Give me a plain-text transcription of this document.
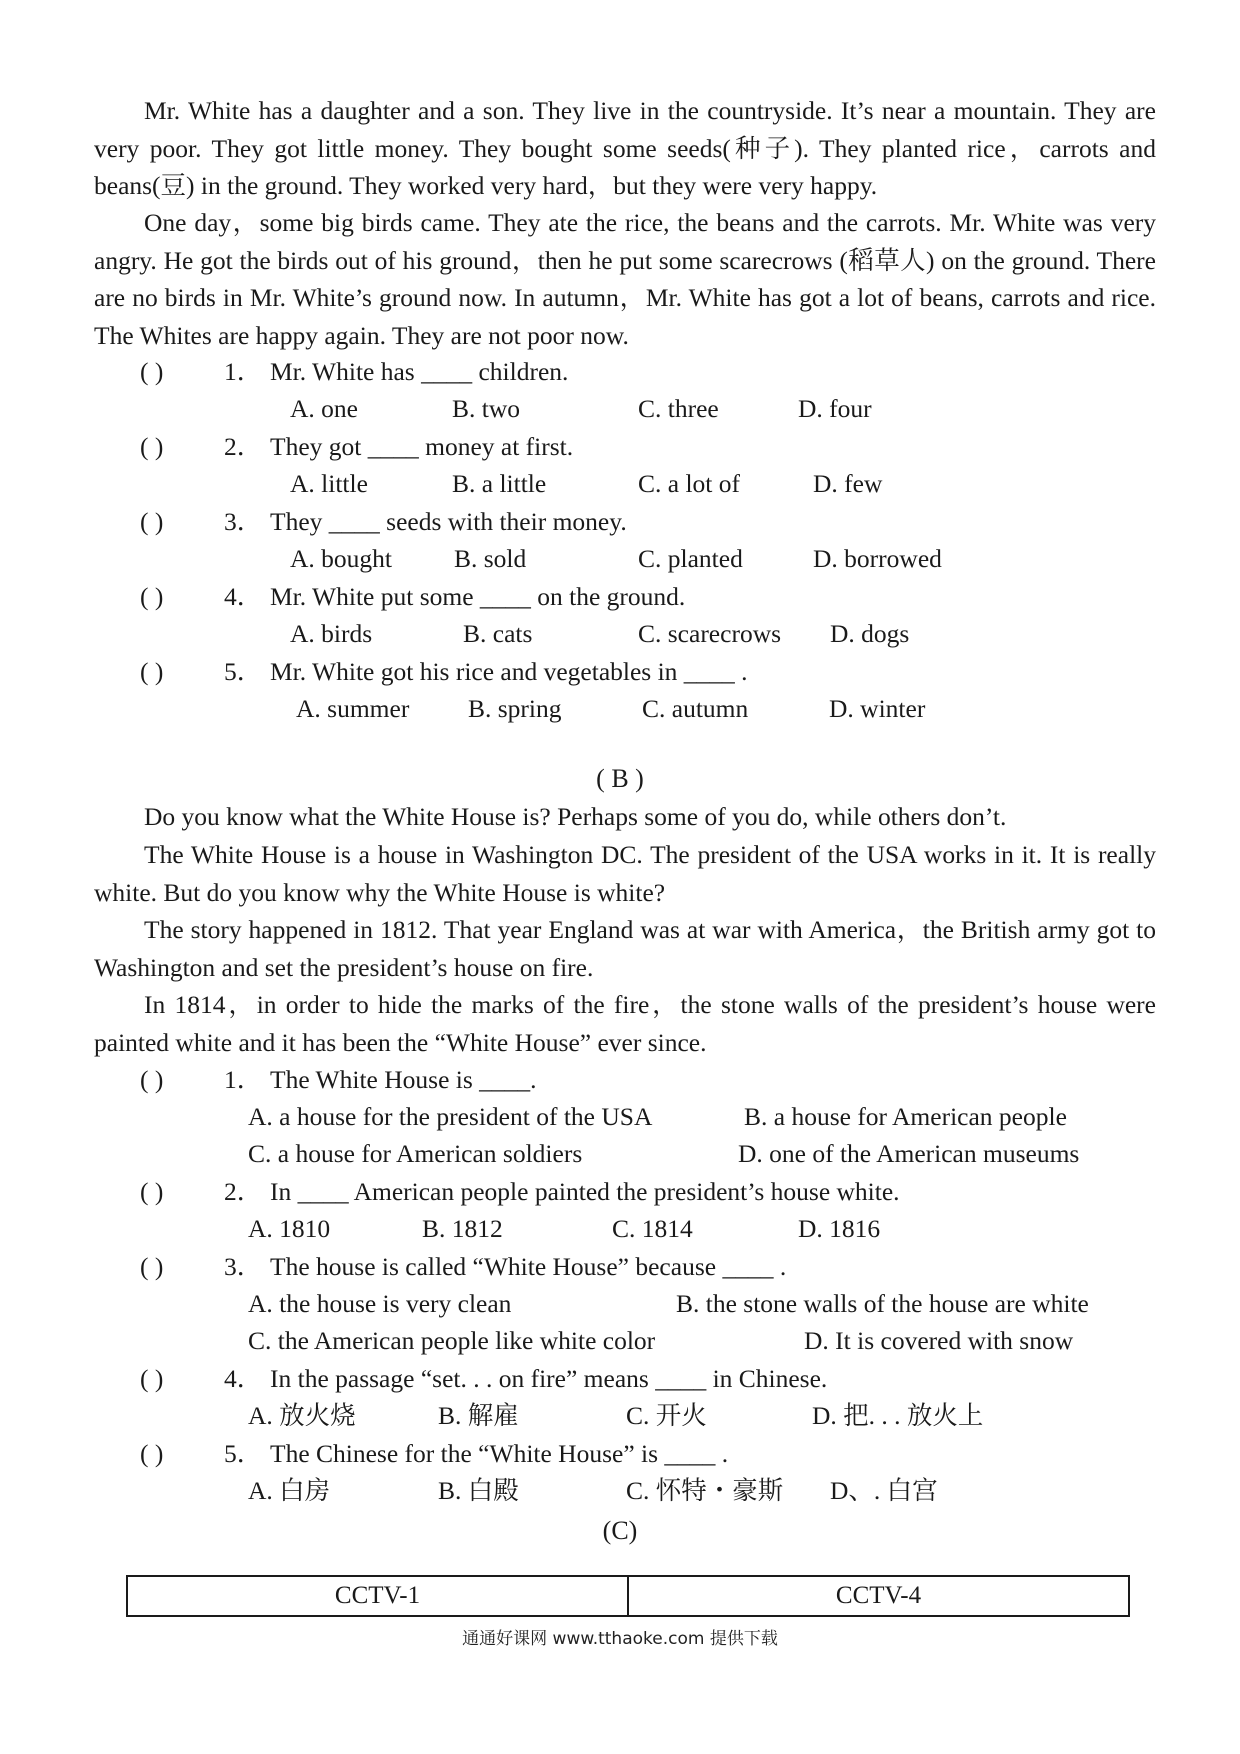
Mr. White has a daughter and a son. They live in the countryside. It’s near a mountain. They are very poor. They got little money. They bought some seeds(种子). They planted rice，carrots and beans(豆) in the ground. They worked very hard，but they were very happy.

One day，some big birds came. They ate the rice, the beans and the carrots. Mr. White was very angry. He got the birds out of his ground，then he put some scarecrows (稻草人) on the ground. There are no birds in Mr. White’s ground now. In autumn，Mr. White has got a lot of beans, carrots and rice. The Whites are happy again. They are not poor now.

( ) 1． Mr. White has ____ children.
A. one	B. two	C. three	D. four
( ) 2． They got ____ money at first.
A. little	B. a little	C. a lot of	D. few
( ) 3． They ____ seeds with their money.
A. bought B. sold	C. planted	D. borrowed
( ) 4． Mr. White put some ____ on the ground.
A. birds	B. cats	C. scarecrows D. dogs
( ) 5． Mr. White got his rice and vegetables in ____ .
A. summer B. spring	C. autumn	D. winter
( B )

Do you know what the White House is? Perhaps some of you do, while others don’t.

The White House is a house in Washington DC. The president of the USA works in it. It is really white. But do you know why the White House is white?

The story happened in 1812. That year England was at war with America，the British army got to Washington and set the president’s house on fire.

In 1814，in order to hide the marks of the fire，the stone walls of the president’s house were painted white and it has been the “White House” ever since.

( ) 1． The White House is ____.
A. a house for the president of the USA	B. a house for American people
C. a house for American soldiers	D. one of the American museums
( ) 2． In ____ American people painted the president’s house white.
A. 1810	B. 1812	C. 1814	D. 1816
( ) 3． The house is called “White House” because ____ .
A. the house is very clean	B. the stone walls of the house are white
C. the American people like white color	D. It is covered with snow
( ) 4． In the passage “set. . . on fire” means ____ in Chinese.
A. 放火烧	B. 解雇	C. 开火	D. 把. . . 放火上
( ) 5． The Chinese for the “White House” is ____ .
A. 白房	B. 白殿	C. 怀特・豪斯 D、. 白宫
(C)
CCTV-1	CCTV-4
通通好课网 www.tthaoke.com 提供下载
